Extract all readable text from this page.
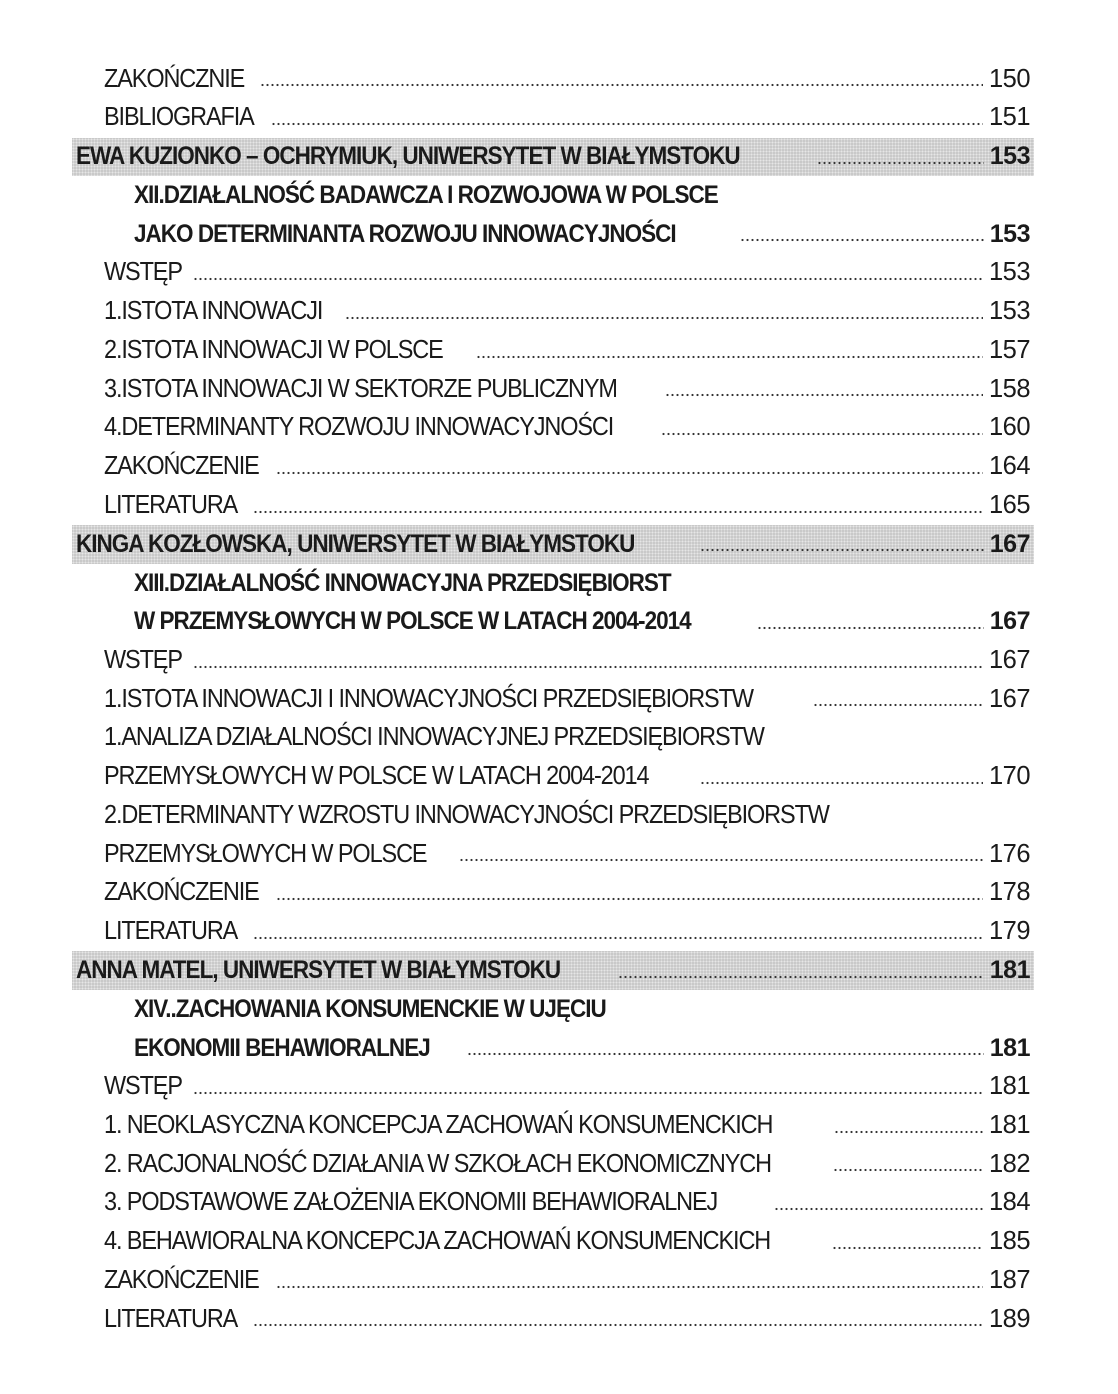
ZAKOŃCZNIE	150
BIBLIOGRAFIA	151
EWA KUZIONKO – OCHRYMIUK, UNIWERSYTET W BIAŁYMSTOKU	153
XII.DZIAŁALNOŚĆ BADAWCZA I ROZWOJOWA W POLSCE
JAKO DETERMINANTA ROZWOJU INNOWACYJNOŚCI	153
WSTĘP	153
1.ISTOTA INNOWACJI	153
2.ISTOTA INNOWACJI W POLSCE	157
3.ISTOTA INNOWACJI W SEKTORZE PUBLICZNYM	158
4.DETERMINANTY ROZWOJU INNOWACYJNOŚCI	160
ZAKOŃCZENIE	164
LITERATURA	165
KINGA KOZŁOWSKA, UNIWERSYTET W BIAŁYMSTOKU	167
XIII.DZIAŁALNOŚĆ INNOWACYJNA PRZEDSIĘBIORST
W PRZEMYSŁOWYCH W POLSCE W LATACH 2004-2014	167
WSTĘP	167
1.ISTOTA INNOWACJI I INNOWACYJNOŚCI PRZEDSIĘBIORSTW	167
1.ANALIZA DZIAŁALNOŚCI INNOWACYJNEJ PRZEDSIĘBIORSTW
PRZEMYSŁOWYCH W POLSCE W LATACH 2004-2014	170
2.DETERMINANTY WZROSTU INNOWACYJNOŚCI PRZEDSIĘBIORSTW
PRZEMYSŁOWYCH W POLSCE	176
ZAKOŃCZENIE	178
LITERATURA	179
ANNA MATEL, UNIWERSYTET W BIAŁYMSTOKU	181
XIV..ZACHOWANIA KONSUMENCKIE W UJĘCIU
EKONOMII BEHAWIORALNEJ	181
WSTĘP	181
1. NEOKLASYCZNA KONCEPCJA ZACHOWAŃ KONSUMENCKICH	181
2. RACJONALNOŚĆ DZIAŁANIA W SZKOŁACH EKONOMICZNYCH	182
3. PODSTAWOWE ZAŁOŻENIA EKONOMII BEHAWIORALNEJ	184
4. BEHAWIORALNA KONCEPCJA ZACHOWAŃ KONSUMENCKICH	185
ZAKOŃCZENIE	187
LITERATURA	189
